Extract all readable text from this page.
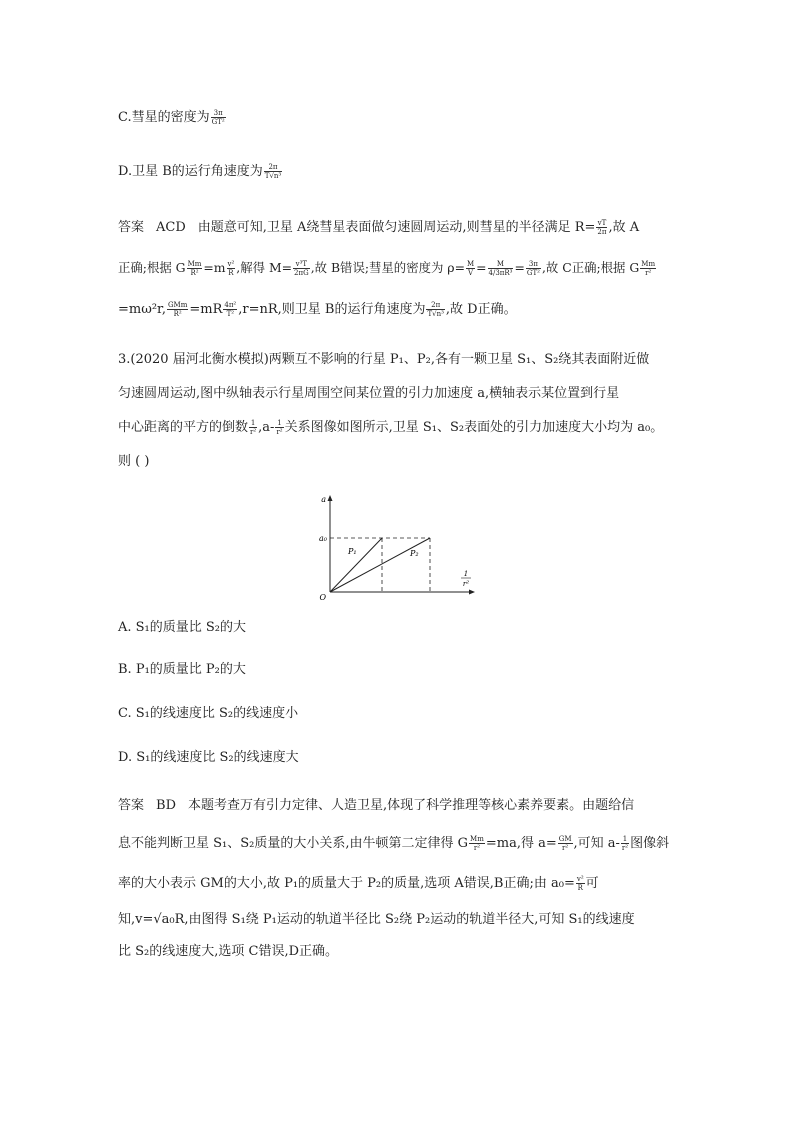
C.彗星的密度为 $\frac{3\pi}{\text{GT²}}$
D.卫星 B的运行角速度为 $\frac{2\pi}{\text{T√n³}}$
答案 ACD 由题意可知,卫星 A绕彗星表面做匀速圆周运动,则彗星的半径满足 $R= \frac{vT}{2\pi}$ ,故 A
正确;根据 G $\frac{Mm}{\text{R²}} =m \frac{\text{v²}}{R}$ ,解得 $M= \frac{\text{v³T}}{2\pi G}$ ,故 B错误;彗星的密度为 $\rho= \frac{M}{V} = \frac{M}{\text{4/3πR³}} = \frac{3\pi}{\text{GT²}}$ ,故 C正确;根据 G $\frac{Mm}{\text{r²}}$
=mω²r, $\frac{\text{GMm}}{\text{R²}} =mR \frac{\text{4π²}}{\text{T²}} ,r=nR$,则卫星 B的运行角速度为 $\frac{2\pi}{\text{T√n³}}$ ,故 D正确。
3.(2020 届河北衡水模拟)两颗互不影响的行星 P₁、P₂,各有一颗卫星 S₁、S₂绕其表面附近做
匀速圆周运动,图中纵轴表示行星周围空间某位置的引力加速度 a,横轴表示某位置到行星
中心距离的平方的倒数 $\frac{1}{\text{r²}} ,a- \frac{1}{\text{r²}}$ 关系图像如图所示,卫星 S₁、S₂表面处的引力加速度大小均为 a₀。
则 ( )
a
a₀
O
P₁	P₂
1
r²
A. S₁的质量比 S₂的大
B. P₁的质量比 P₂的大
C. S₁的线速度比 S₂的线速度小
D. S₁的线速度比 S₂的线速度大
答案 BD 本题考查万有引力定律、人造卫星,体现了科学推理等核心素养要素。由题给信
息不能判断卫星 S₁、S₂质量的大小关系,由牛顿第二定律得 G $\frac{Mm}{\text{r²}} =ma$,得 $a= \frac{GM}{\text{r²}}$ ,可知 $a- \frac{1}{\text{r²}}$ 图像斜
率的大小表示 GM的大小,故 P₁的质量大于 P₂的质量,选项 A错误,B正确;由 $a_0= \frac{\text{v²}}{R}$ 可
知,v=√a₀R,由图得 S₁绕 P₁运动的轨道半径比 S₂绕 P₂运动的轨道半径大,可知 S₁的线速度
比 S₂的线速度大,选项 C错误,D正确。
